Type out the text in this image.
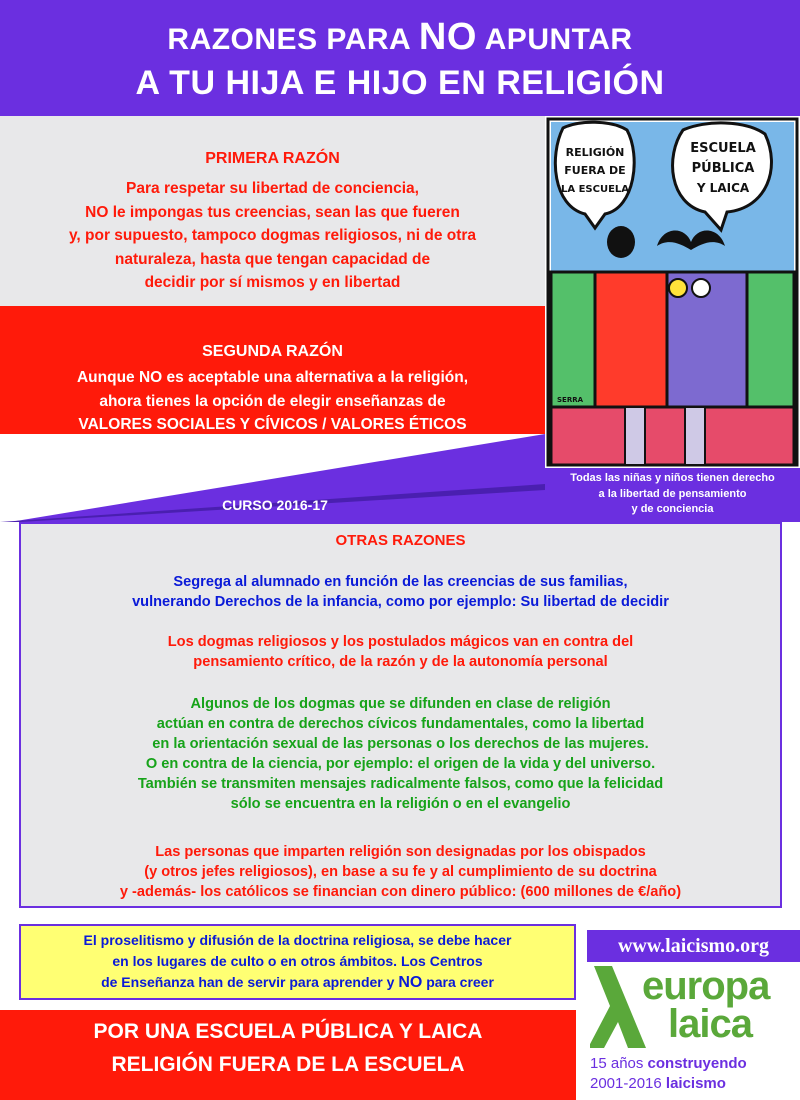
RAZONES PARA NO APUNTAR
A TU HIJA E HIJO EN RELIGIÓN
PRIMERA RAZÓN
Para respetar su libertad de conciencia,
NO le impongas tus creencias, sean las que fueren
y, por supuesto, tampoco dogmas religiosos, ni de otra
naturaleza, hasta que tengan capacidad de
decidir por sí mismos y en libertad
SEGUNDA RAZÓN
Aunque NO es aceptable una alternativa a la religión,
ahora tienes la opción de elegir enseñanzas de
VALORES SOCIALES Y CÍVICOS / VALORES ÉTICOS
CURSO 2016-17
RELIGIÓN
FUERA DE
LA ESCUELA
ESCUELA
PÚBLICA
Y LAICA
SERRA
Todas las niñas y niños tienen derecho
a la libertad de pensamiento
y de conciencia
OTRAS RAZONES
Segrega al alumnado en función de las creencias de sus familias,
vulnerando Derechos de la infancia, como por ejemplo: Su libertad de decidir
Los dogmas religiosos y los postulados mágicos van en contra del
pensamiento crítico, de la razón y de la autonomía personal
Algunos de los dogmas que se difunden en clase de religión
actúan en contra de derechos cívicos fundamentales, como la libertad
en la orientación sexual de las personas o los derechos de las mujeres.
O en contra de la ciencia, por ejemplo: el origen de la vida y del universo.
También se transmiten mensajes radicalmente falsos, como que la felicidad
sólo se encuentra en la religión o en el evangelio
Las personas que imparten religión son designadas por los obispados
(y otros jefes religiosos), en base a su fe y al cumplimiento de su doctrina
y -además- los católicos se financian con dinero público: (600 millones de €/año)
El proselitismo y difusión de la doctrina religiosa, se debe hacer
en los lugares de culto o en otros ámbitos. Los Centros
de Enseñanza han de servir para aprender y NO para creer
POR UNA ESCUELA PÚBLICA Y LAICA
RELIGIÓN FUERA DE LA ESCUELA
www.laicismo.org
europa
laica
15 años construyendo
2001-2016 laicismo
